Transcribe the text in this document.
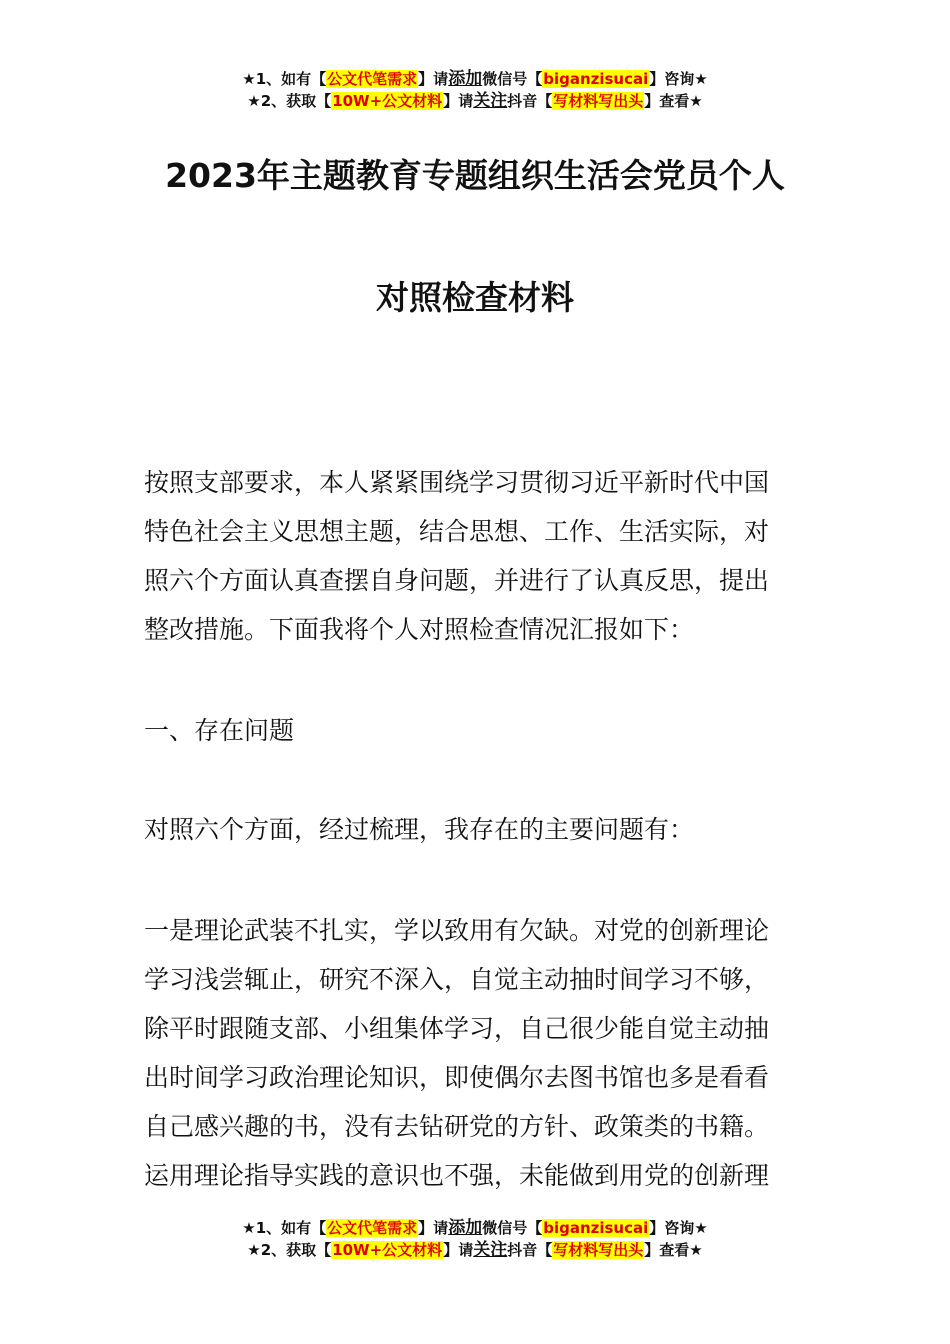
★1、如有【公文代笔需求】请添加微信号【biganzisucai】咨询★
★2、获取【10W+公文材料】请关注抖音【写材料写出头】查看★
2023年主题教育专题组织生活会党员个人
对照检查材料
按照支部要求，本人紧紧围绕学习贯彻习近平新时代中国
特色社会主义思想主题，结合思想、工作、生活实际，对
照六个方面认真查摆自身问题，并进行了认真反思，提出
整改措施。下面我将个人对照检查情况汇报如下：
一、存在问题
对照六个方面，经过梳理，我存在的主要问题有：
一是理论武装不扎实，学以致用有欠缺。对党的创新理论
学习浅尝辄止，研究不深入，自觉主动抽时间学习不够，
除平时跟随支部、小组集体学习，自己很少能自觉主动抽
出时间学习政治理论知识，即使偶尔去图书馆也多是看看
自己感兴趣的书，没有去钻研党的方针、政策类的书籍。
运用理论指导实践的意识也不强，未能做到用党的创新理
★1、如有【公文代笔需求】请添加微信号【biganzisucai】咨询★
★2、获取【10W+公文材料】请关注抖音【写材料写出头】查看★
